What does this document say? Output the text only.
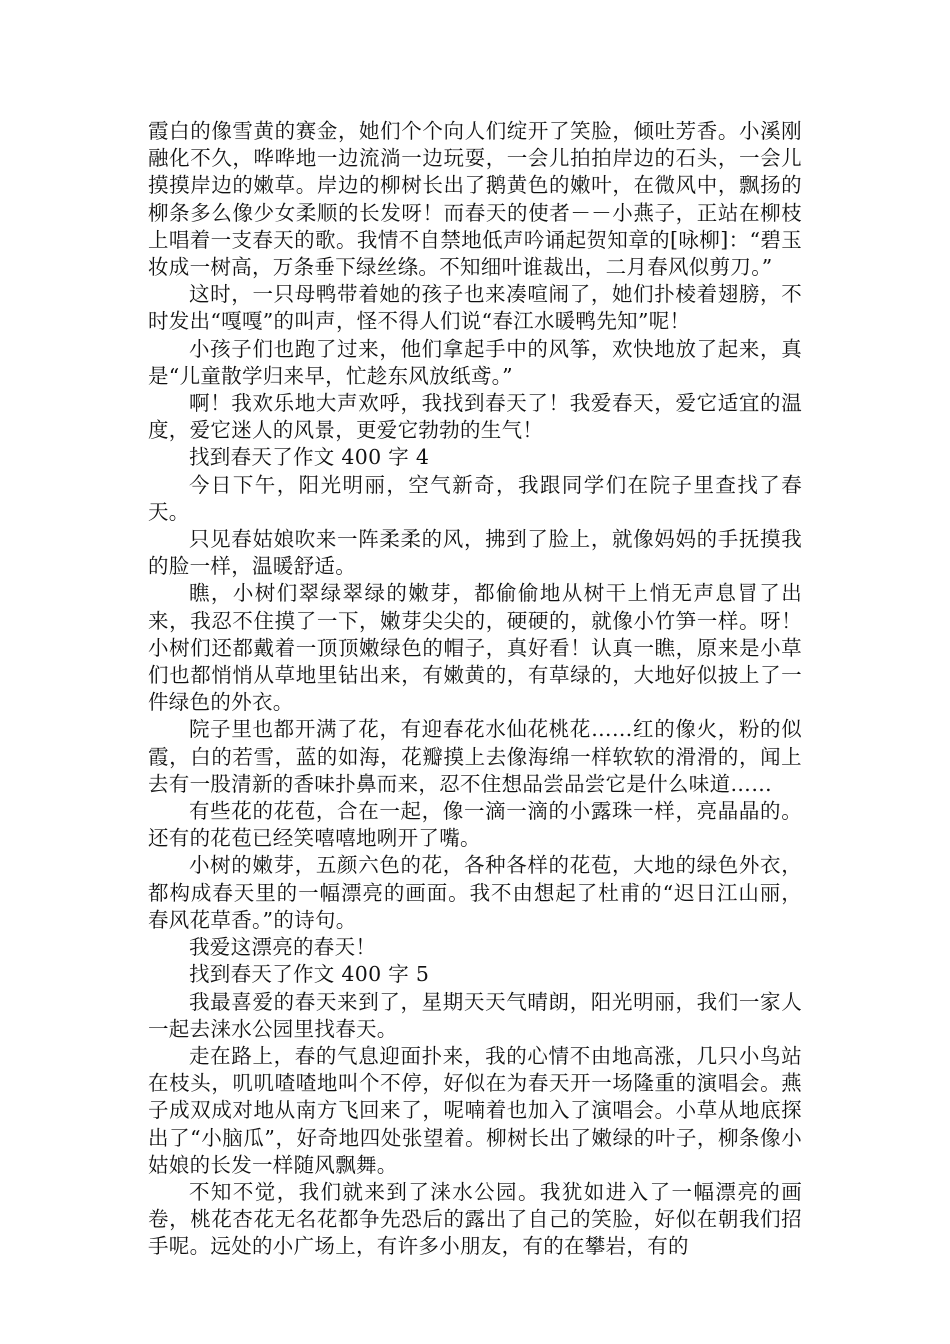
霞白的像雪黄的赛金，她们个个向人们绽开了笑脸，倾吐芳香。小溪刚融化不久，哗哗地一边流淌一边玩耍，一会儿拍拍岸边的石头，一会儿摸摸岸边的嫩草。岸边的柳树长出了鹅黄色的嫩叶，在微风中，飘扬的柳条多么像少女柔顺的长发呀！而春天的使者－－小燕子，正站在柳枝上唱着一支春天的歌。我情不自禁地低声吟诵起贺知章的[咏柳]：“碧玉妆成一树高，万条垂下绿丝绦。不知细叶谁裁出，二月春风似剪刀。”

这时，一只母鸭带着她的孩子也来凑喧闹了，她们扑棱着翅膀，不时发出“嘎嘎”的叫声，怪不得人们说“春江水暖鸭先知”呢！

小孩子们也跑了过来，他们拿起手中的风筝，欢快地放了起来，真是“儿童散学归来早，忙趁东风放纸鸢。”

啊！我欢乐地大声欢呼，我找到春天了！我爱春天，爱它适宜的温度，爱它迷人的风景，更爱它勃勃的生气！

找到春天了作文 400 字 4

今日下午，阳光明丽，空气新奇，我跟同学们在院子里查找了春天。

只见春姑娘吹来一阵柔柔的风，拂到了脸上，就像妈妈的手抚摸我的脸一样，温暖舒适。

瞧，小树们翠绿翠绿的嫩芽，都偷偷地从树干上悄无声息冒了出来，我忍不住摸了一下，嫩芽尖尖的，硬硬的，就像小竹笋一样。呀！小树们还都戴着一顶顶嫩绿色的帽子，真好看！认真一瞧，原来是小草们也都悄悄从草地里钻出来，有嫩黄的，有草绿的，大地好似披上了一件绿色的外衣。

院子里也都开满了花，有迎春花水仙花桃花……红的像火，粉的似霞，白的若雪，蓝的如海，花瓣摸上去像海绵一样软软的滑滑的，闻上去有一股清新的香味扑鼻而来，忍不住想品尝品尝它是什么味道……

有些花的花苞，合在一起，像一滴一滴的小露珠一样，亮晶晶的。还有的花苞已经笑嘻嘻地咧开了嘴。

小树的嫩芽，五颜六色的花，各种各样的花苞，大地的绿色外衣，都构成春天里的一幅漂亮的画面。我不由想起了杜甫的“迟日江山丽，春风花草香。”的诗句。

我爱这漂亮的春天！

找到春天了作文 400 字 5

我最喜爱的春天来到了，星期天天气晴朗，阳光明丽，我们一家人一起去涞水公园里找春天。

走在路上，春的气息迎面扑来，我的心情不由地高涨，几只小鸟站在枝头，叽叽喳喳地叫个不停，好似在为春天开一场隆重的演唱会。燕子成双成对地从南方飞回来了，呢喃着也加入了演唱会。小草从地底探出了“小脑瓜”，好奇地四处张望着。柳树长出了嫩绿的叶子，柳条像小姑娘的长发一样随风飘舞。

不知不觉，我们就来到了涞水公园。我犹如进入了一幅漂亮的画卷，桃花杏花无名花都争先恐后的露出了自己的笑脸，好似在朝我们招手呢。远处的小广场上，有许多小朋友，有的在攀岩，有的
